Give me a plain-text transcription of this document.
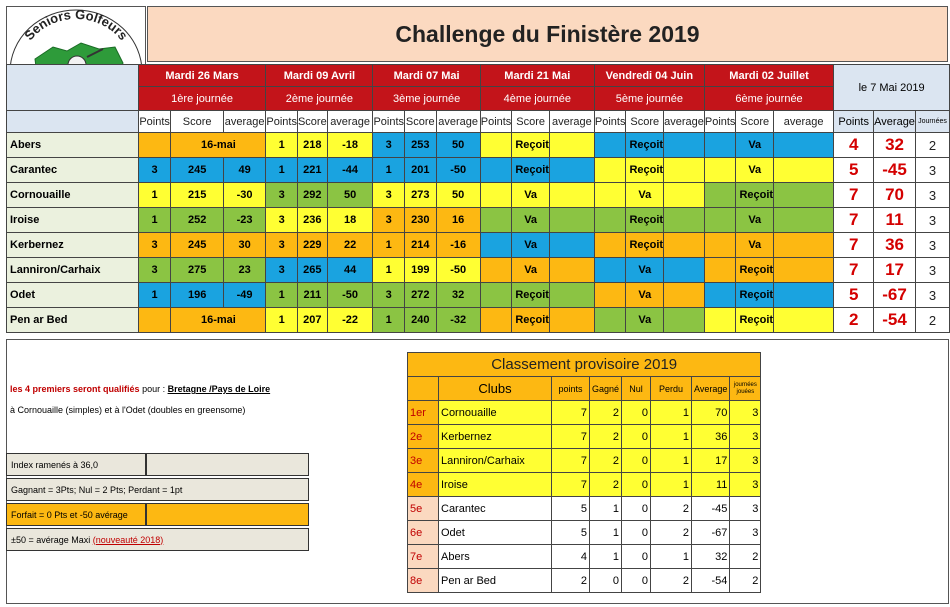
Seniors Golfeurs	Challenge du Finistère 2019
	Mardi 26 Mars			Mardi 09 Avril			Mardi 07 Mai			Mardi 21 Mai			Vendredi 04 Juin			Mardi 02 Juillet			le 7 Mai 2019		
	1ère journée			2ème journée			3ème journée			4ème journée			5ème journée			6ème journée					
	Points	Score	average	Points	Score	average	Points	Score	average	Points	Score	average	Points	Score	average	Points	Score	average	Points	Average	Journées
Abers		16-mai		1	218	-18	3	253	50		Reçoit			Reçoit			Va		4	32	2
Carantec	3	245	49	1	221	-44	1	201	-50		Reçoit			Reçoit			Va		5	-45	3
Cornouaille	1	215	-30	3	292	50	3	273	50		Va			Va			Reçoit		7	70	3
Iroise	1	252	-23	3	236	18	3	230	16		Va			Reçoit			Va		7	11	3
Kerbernez	3	245	30	3	229	22	1	214	-16		Va			Reçoit			Va		7	36	3
Lanniron/Carhaix	3	275	23	3	265	44	1	199	-50		Va			Va			Reçoit		7	17	3
Odet	1	196	-49	1	211	-50	3	272	32		Reçoit			Va			Reçoit		5	-67	3
Pen ar Bed		16-mai		1	207	-22	1	240	-32		Reçoit			Va			Reçoit		2	-54	2
les 4 premiers seront qualifiés pour : Bretagne /Pays de Loire
à Cornouaille (simples) et à l'Odet (doubles en greensome)
Index ramenés à 36,0
Gagnant = 3Pts; Nul = 2 Pts; Perdant = 1pt
Forfait = 0 Pts et -50 avérage
±50 = avérage Maxi
(nouveauté 2018)
Classement provisoire 2019							
	Clubs	points	Gagné	Nul	Perdu	Average	journées jouées
1er	Cornouaille	7	2	0	1	70	3
2e	Kerbernez	7	2	0	1	36	3
3e	Lanniron/Carhaix	7	2	0	1	17	3
4e	Iroise	7	2	0	1	11	3
5e	Carantec	5	1	0	2	-45	3
6e	Odet	5	1	0	2	-67	3
7e	Abers	4	1	0	1	32	2
8e	Pen ar Bed	2	0	0	2	-54	2
